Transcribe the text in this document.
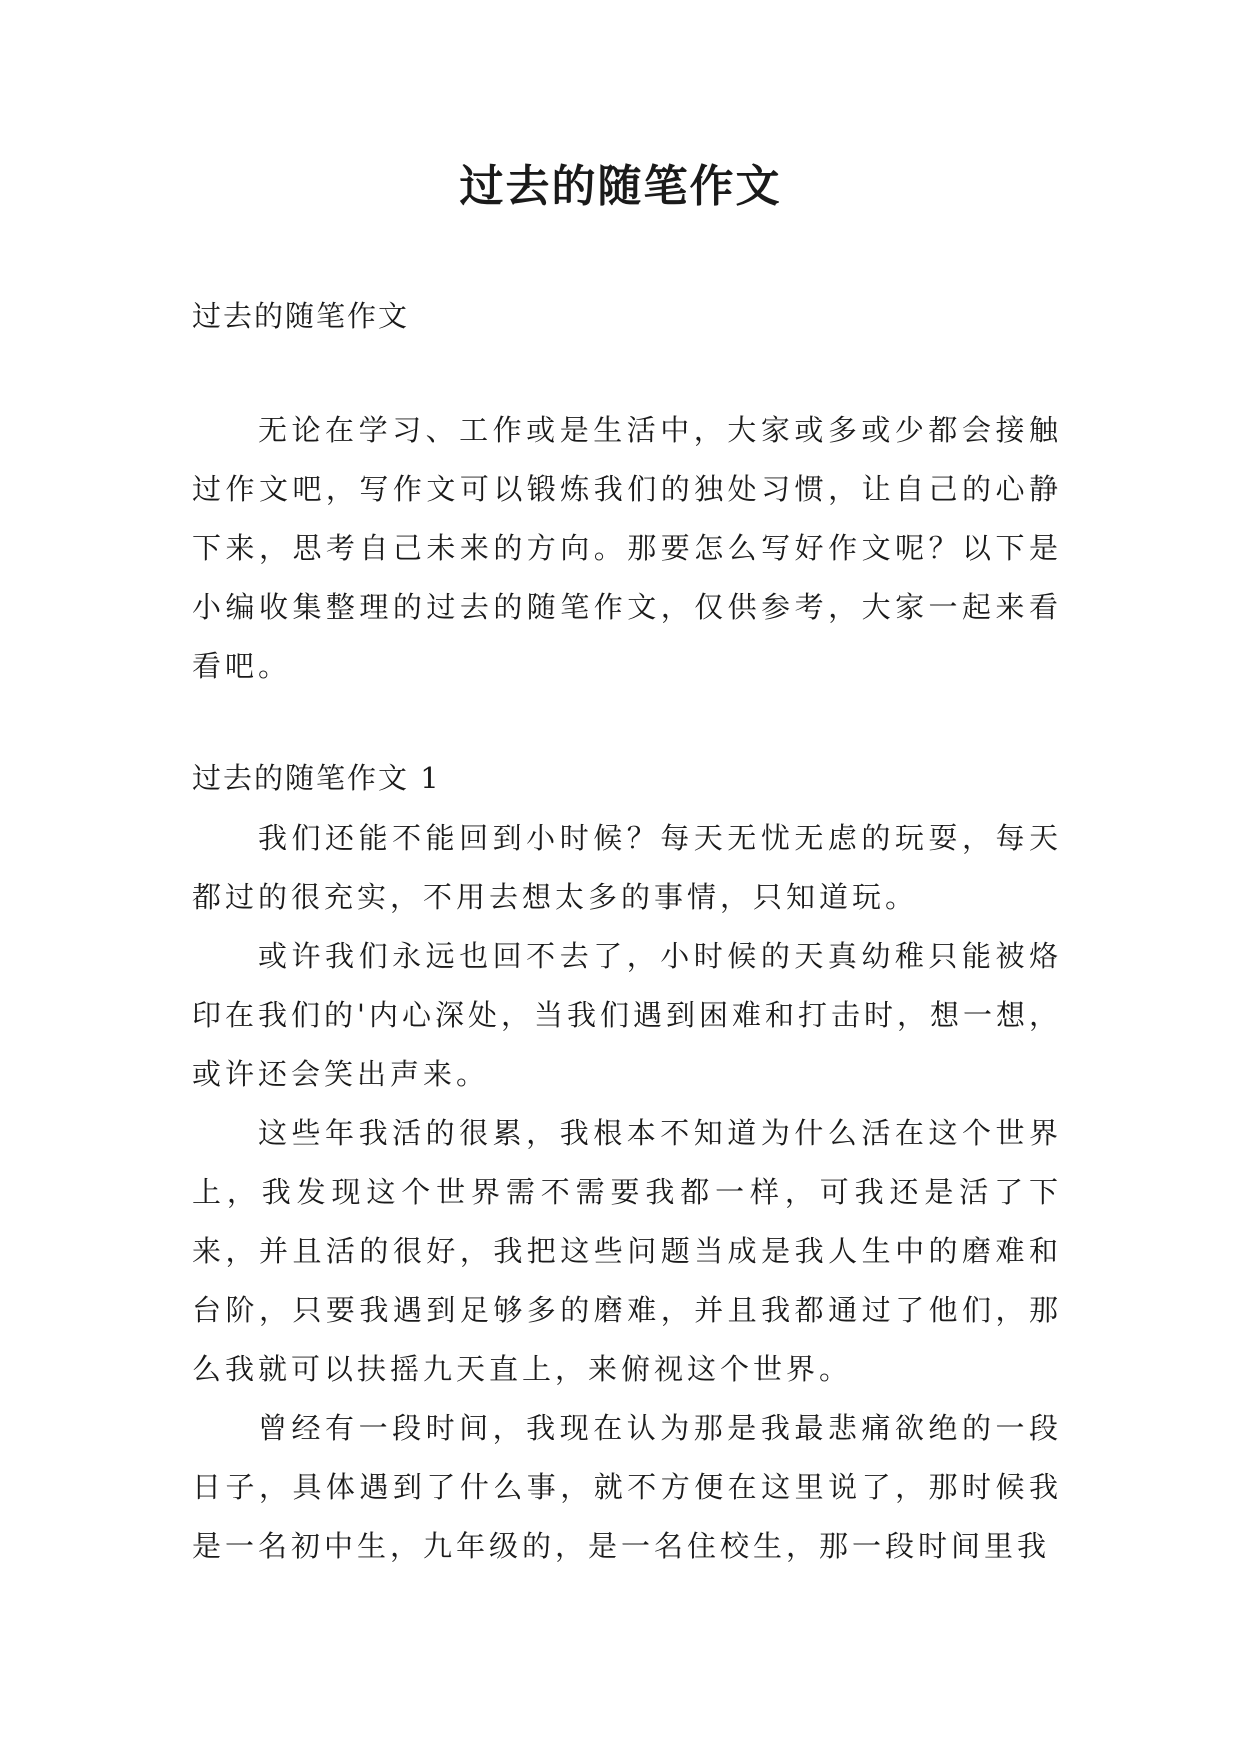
过去的随笔作文

过去的随笔作文

无论在学习、工作或是生活中，大家或多或少都会接触过作文吧，写作文可以锻炼我们的独处习惯，让自己的心静下来，思考自己未来的方向。那要怎么写好作文呢？以下是小编收集整理的过去的随笔作文，仅供参考，大家一起来看看吧。

过去的随笔作文 1

我们还能不能回到小时候？每天无忧无虑的玩耍，每天都过的很充实，不用去想太多的事情，只知道玩。

或许我们永远也回不去了，小时候的天真幼稚只能被烙印在我们的'内心深处，当我们遇到困难和打击时，想一想，或许还会笑出声来。

这些年我活的很累，我根本不知道为什么活在这个世界上，我发现这个世界需不需要我都一样，可我还是活了下来，并且活的很好，我把这些问题当成是我人生中的磨难和台阶，只要我遇到足够多的磨难，并且我都通过了他们，那么我就可以扶摇九天直上，来俯视这个世界。

曾经有一段时间，我现在认为那是我最悲痛欲绝的一段日子，具体遇到了什么事，就不方便在这里说了，那时候我是一名初中生，九年级的，是一名住校生，那一段时间里我
